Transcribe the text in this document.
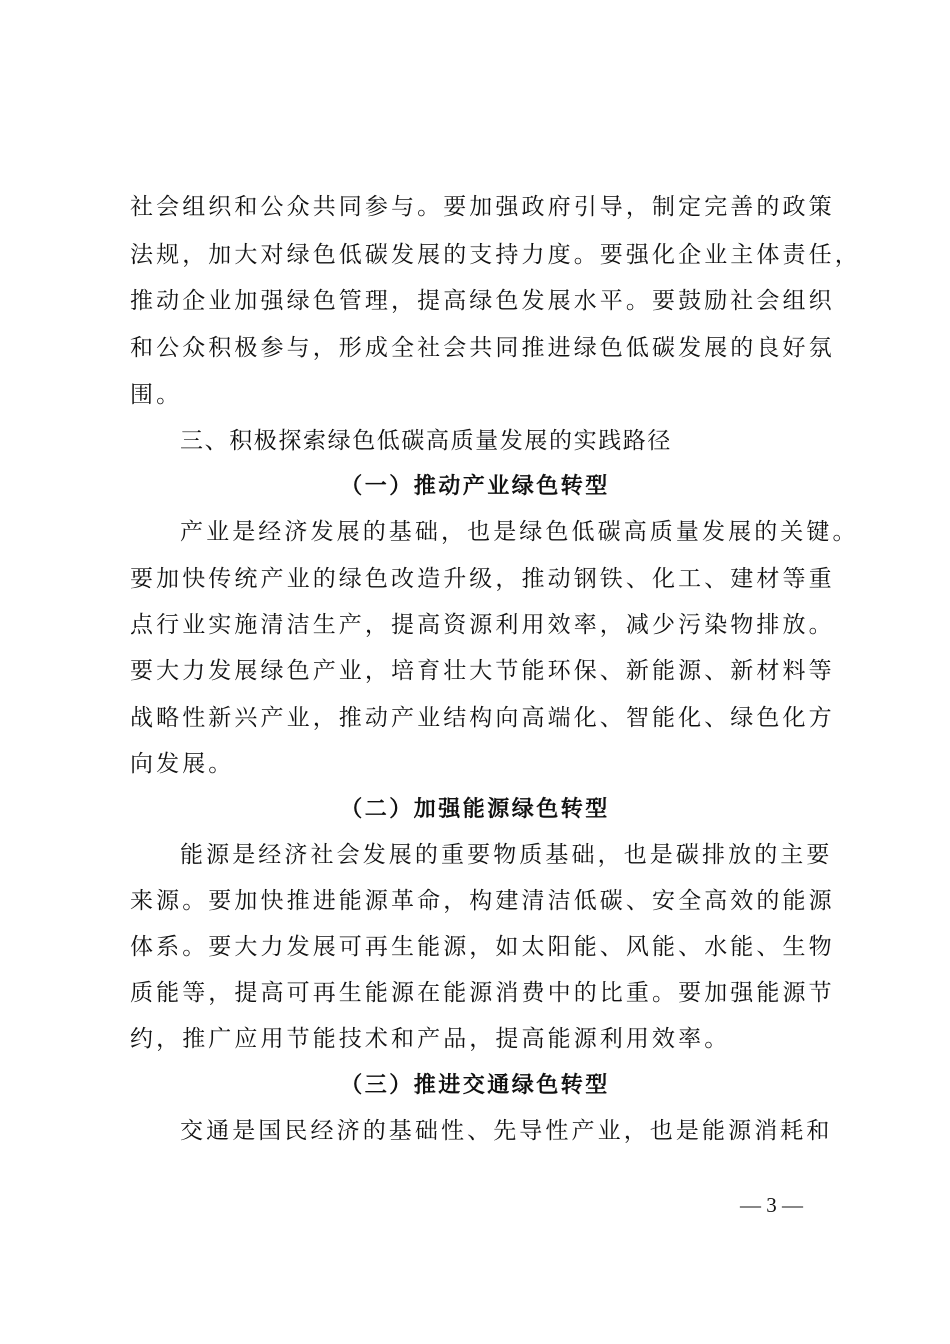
社会组织和公众共同参与。要加强政府引导，制定完善的政策
法规，加大对绿色低碳发展的支持力度。要强化企业主体责任，
推动企业加强绿色管理，提高绿色发展水平。要鼓励社会组织
和公众积极参与，形成全社会共同推进绿色低碳发展的良好氛
围。
三、积极探索绿色低碳高质量发展的实践路径
（一）推动产业绿色转型
产业是经济发展的基础，也是绿色低碳高质量发展的关键。
要加快传统产业的绿色改造升级，推动钢铁、化工、建材等重
点行业实施清洁生产，提高资源利用效率，减少污染物排放。
要大力发展绿色产业，培育壮大节能环保、新能源、新材料等
战略性新兴产业，推动产业结构向高端化、智能化、绿色化方
向发展。
（二）加强能源绿色转型
能源是经济社会发展的重要物质基础，也是碳排放的主要
来源。要加快推进能源革命，构建清洁低碳、安全高效的能源
体系。要大力发展可再生能源，如太阳能、风能、水能、生物
质能等，提高可再生能源在能源消费中的比重。要加强能源节
约，推广应用节能技术和产品，提高能源利用效率。
（三）推进交通绿色转型
交通是国民经济的基础性、先导性产业，也是能源消耗和
— 3 —
